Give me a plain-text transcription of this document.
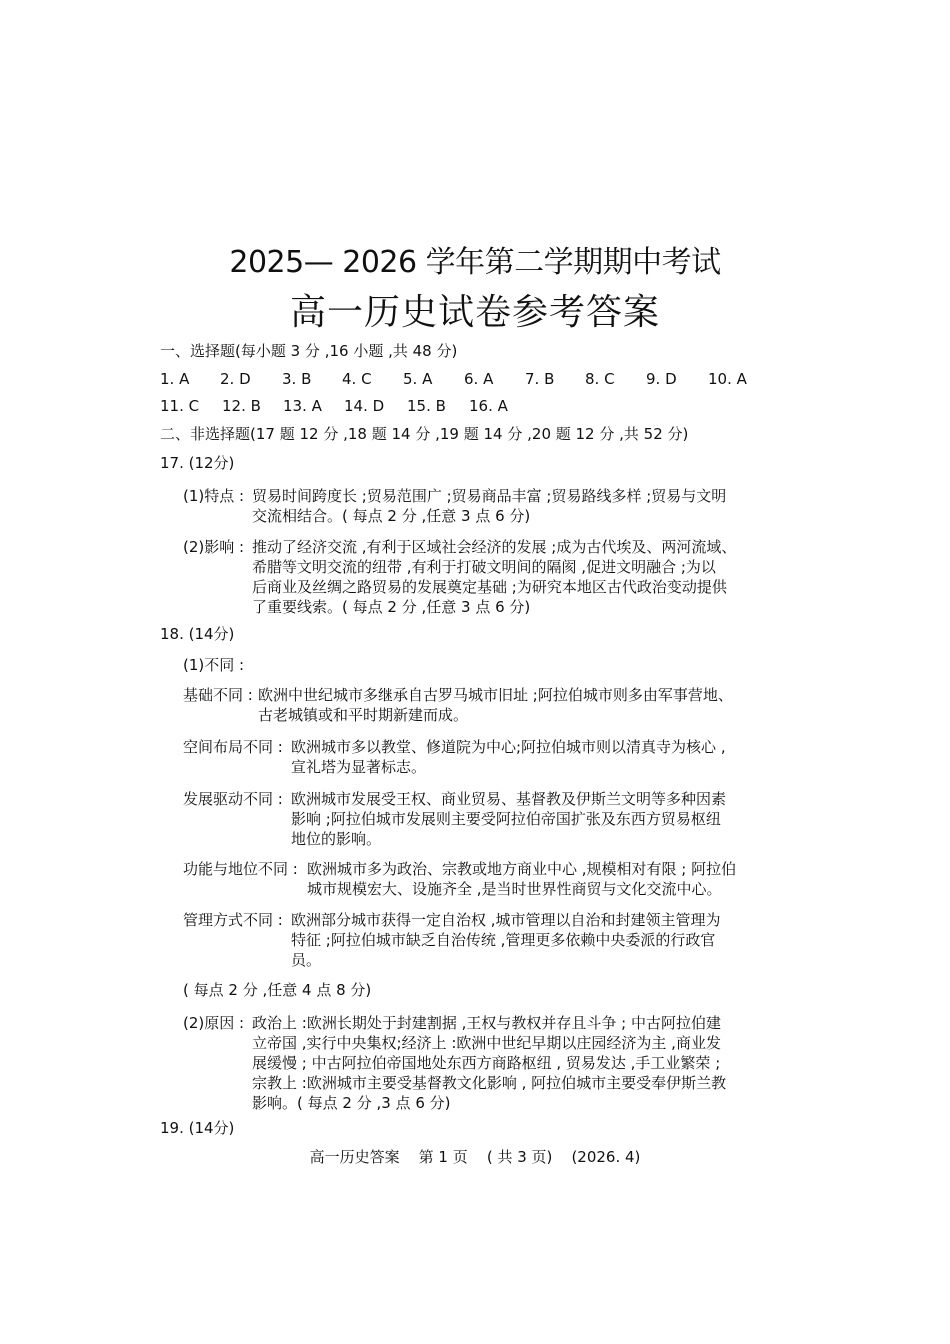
2025— 2026 学年第二学期期中考试
高一历史试卷参考答案
一、选择题(每小题 3 分 ,16 小题 ,共 48 分)
1. A 2. D 3. B 4. C 5. A 6. A 7. B 8. C 9. D 10. A
11. C 12. B 13. A 14. D 15. B 16. A
二、非选择题(17 题 12 分 ,18 题 14 分 ,19 题 14 分 ,20 题 12 分 ,共 52 分)
17. (12分)
(1)特点 : 贸易时间跨度长 ;贸易范围广 ;贸易商品丰富 ;贸易路线多样 ;贸易与文明
交流相结合。( 每点 2 分 ,任意 3 点 6 分)
(2)影响 : 推动了经济交流 ,有利于区域社会经济的发展 ;成为古代埃及、两河流域、
希腊等文明交流的纽带 ,有利于打破文明间的隔阂 ,促进文明融合 ;为以
后商业及丝绸之路贸易的发展奠定基础 ;为研究本地区古代政治变动提供
了重要线索。( 每点 2 分 ,任意 3 点 6 分)
18. (14分)
(1)不同 :
基础不同 : 欧洲中世纪城市多继承自古罗马城市旧址 ;阿拉伯城市则多由军事营地、
古老城镇或和平时期新建而成。
空间布局不同 : 欧洲城市多以教堂、修道院为中心;阿拉伯城市则以清真寺为核心 ,
宣礼塔为显著标志。
发展驱动不同 : 欧洲城市发展受王权、商业贸易、基督教及伊斯兰文明等多种因素
影响 ;阿拉伯城市发展则主要受阿拉伯帝国扩张及东西方贸易枢纽
地位的影响。
功能与地位不同 : 欧洲城市多为政治、宗教或地方商业中心 ,规模相对有限 ; 阿拉伯
城市规模宏大、设施齐全 ,是当时世界性商贸与文化交流中心。
管理方式不同 : 欧洲部分城市获得一定自治权 ,城市管理以自治和封建领主管理为
特征 ;阿拉伯城市缺乏自治传统 ,管理更多依赖中央委派的行政官
员。
( 每点 2 分 ,任意 4 点 8 分)
(2)原因 : 政治上 :欧洲长期处于封建割据 ,王权与教权并存且斗争 ; 中古阿拉伯建
立帝国 ,实行中央集权;经济上 :欧洲中世纪早期以庄园经济为主 ,商业发
展缓慢 ; 中古阿拉伯帝国地处东西方商路枢纽 , 贸易发达 ,手工业繁荣 ;
宗教上 :欧洲城市主要受基督教文化影响 , 阿拉伯城市主要受奉伊斯兰教
影响。( 每点 2 分 ,3 点 6 分)
19. (14分)
高一历史答案    第 1 页    ( 共 3 页)    (2026. 4)
